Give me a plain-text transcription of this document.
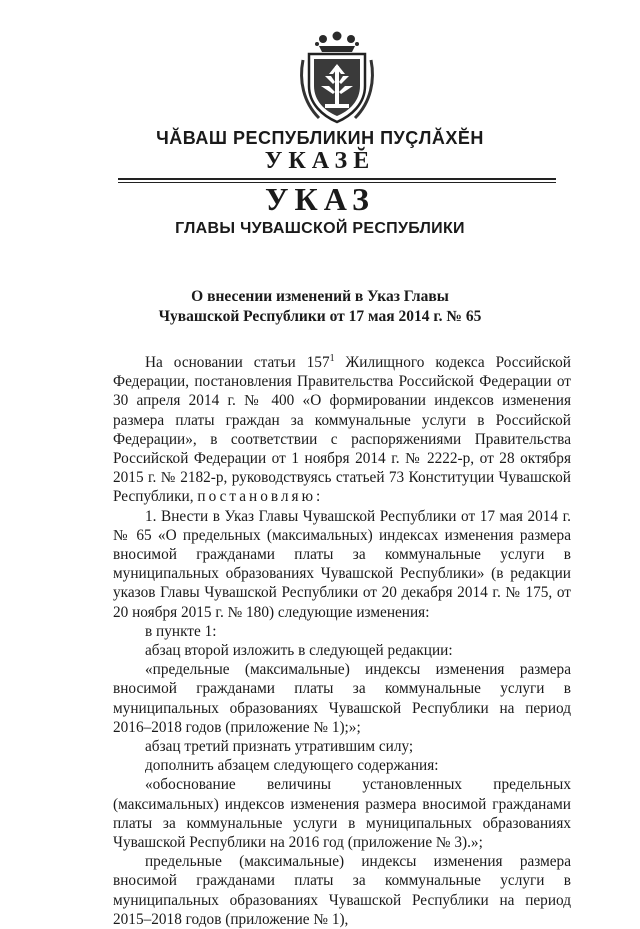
ЧĂВАШ РЕСПУБЛИКИН ПУÇЛĂХĔН
УКАЗĔ
УКАЗ
ГЛАВЫ ЧУВАШСКОЙ РЕСПУБЛИКИ
О внесении изменений в Указ Главы
Чувашской Республики от 17 мая 2014 г. № 65

На основании статьи $157^1$ Жилищного кодекса Российской Федерации, постановления Правительства Российской Федерации от 30 апреля 2014 г. № 400 «О формировании индексов изменения размера платы граждан за коммунальные услуги в Российской Федерации», в соответствии с распоряжениями Правительства Российской Федерации от 1 ноября 2014 г. № 2222-р, от 28 октября 2015 г. № 2182-р, руководствуясь статьей 73 Конституции Чувашской Республики, постановляю:

1. Внести в Указ Главы Чувашской Республики от 17 мая 2014 г. № 65 «О предельных (максимальных) индексах изменения размера вносимой гражданами платы за коммунальные услуги в муниципальных образованиях Чувашской Республики» (в редакции указов Главы Чувашской Республики от 20 декабря 2014 г. № 175, от 20 ноября 2015 г. № 180) следующие изменения:

в пункте 1:

абзац второй изложить в следующей редакции:

«предельные (максимальные) индексы изменения размера вносимой гражданами платы за коммунальные услуги в муниципальных образованиях Чувашской Республики на период 2016–2018 годов (приложение № 1);»;

абзац третий признать утратившим силу;

дополнить абзацем следующего содержания:

«обоснование величины установленных предельных (максимальных) индексов изменения размера вносимой гражданами платы за коммунальные услуги в муниципальных образованиях Чувашской Республики на 2016 год (приложение № 3).»;

предельные (максимальные) индексы изменения размера вносимой гражданами платы за коммунальные услуги в муниципальных образованиях Чувашской Республики на период 2015–2018 годов (приложение № 1),
